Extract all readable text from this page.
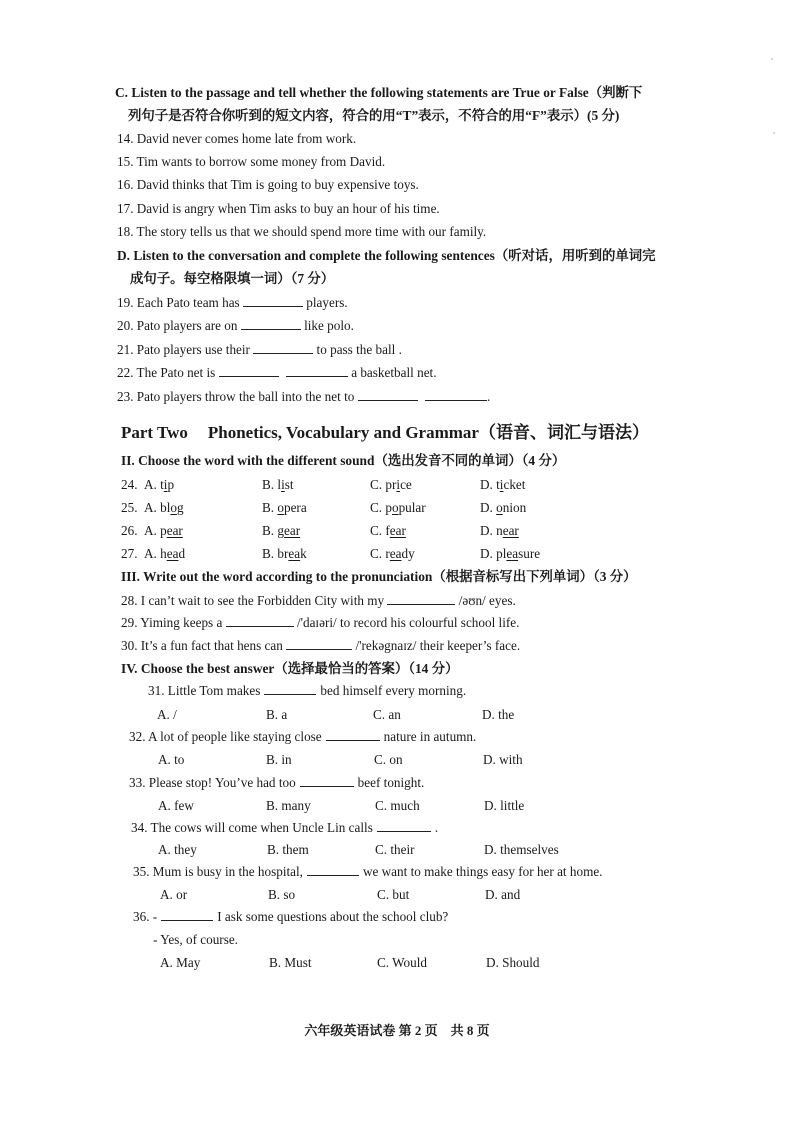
C. Listen to the passage and tell whether the following statements are True or False（判断下
列句子是否符合你听到的短文内容，符合的用“T”表示，不符合的用“F”表示）(5 分)
14. David never comes home late from work.
15. Tim wants to borrow some money from David.
16. David thinks that Tim is going to buy expensive toys.
17. David is angry when Tim asks to buy an hour of his time.
18. The story tells us that we should spend more time with our family.
D. Listen to the conversation and complete the following sentences（听对话，用听到的单词完
成句子。每空格限填一词）（7 分）
19. Each Pato team has	players.
20. Pato players are on	like polo.
21. Pato players use their	to pass the ball .
22. The Pato net is	a basketball net.
23. Pato players throw the ball into the net to	.
Part Two Phonetics, Vocabulary and Grammar（语音、词汇与语法）
II. Choose the word with the different sound（选出发音不同的单词）（4 分）
24. A. tip	B. list	C. price	D. ticket
25. A. blog	B. opera	C. popular	D. onion
26. A. pear	B. gear	C. fear	D. near
27. A. head	B. break	C. ready	D. pleasure
III. Write out the word according to the pronunciation（根据音标写出下列单词）（3 分）
28. I can’t wait to see the Forbidden City with my	/əʊn/ eyes.
29. Yiming keeps a	/'daɪəri/ to record his colourful school life.
30. It’s a fun fact that hens can	/'rekəgnaɪz/ their keeper’s face.
IV. Choose the best answer（选择最恰当的答案）（14 分）
31. Little Tom makes	bed himself every morning.
A. /	B. a	C. an	D. the
32. A lot of people like staying close	nature in autumn.
A. to	B. in	C. on	D. with
33. Please stop! You’ve had too	beef tonight.
A. few	B. many	C. much	D. little
34. The cows will come when Uncle Lin calls	.
A. they	B. them	C. their	D. themselves
35. Mum is busy in the hospital,	we want to make things easy for her at home.
A. or	B. so	C. but	D. and
36. -	I ask some questions about the school club?
- Yes, of course.
A. May	B. Must	C. Would	D. Should
六年级英语试卷 第 2 页　共 8 页
